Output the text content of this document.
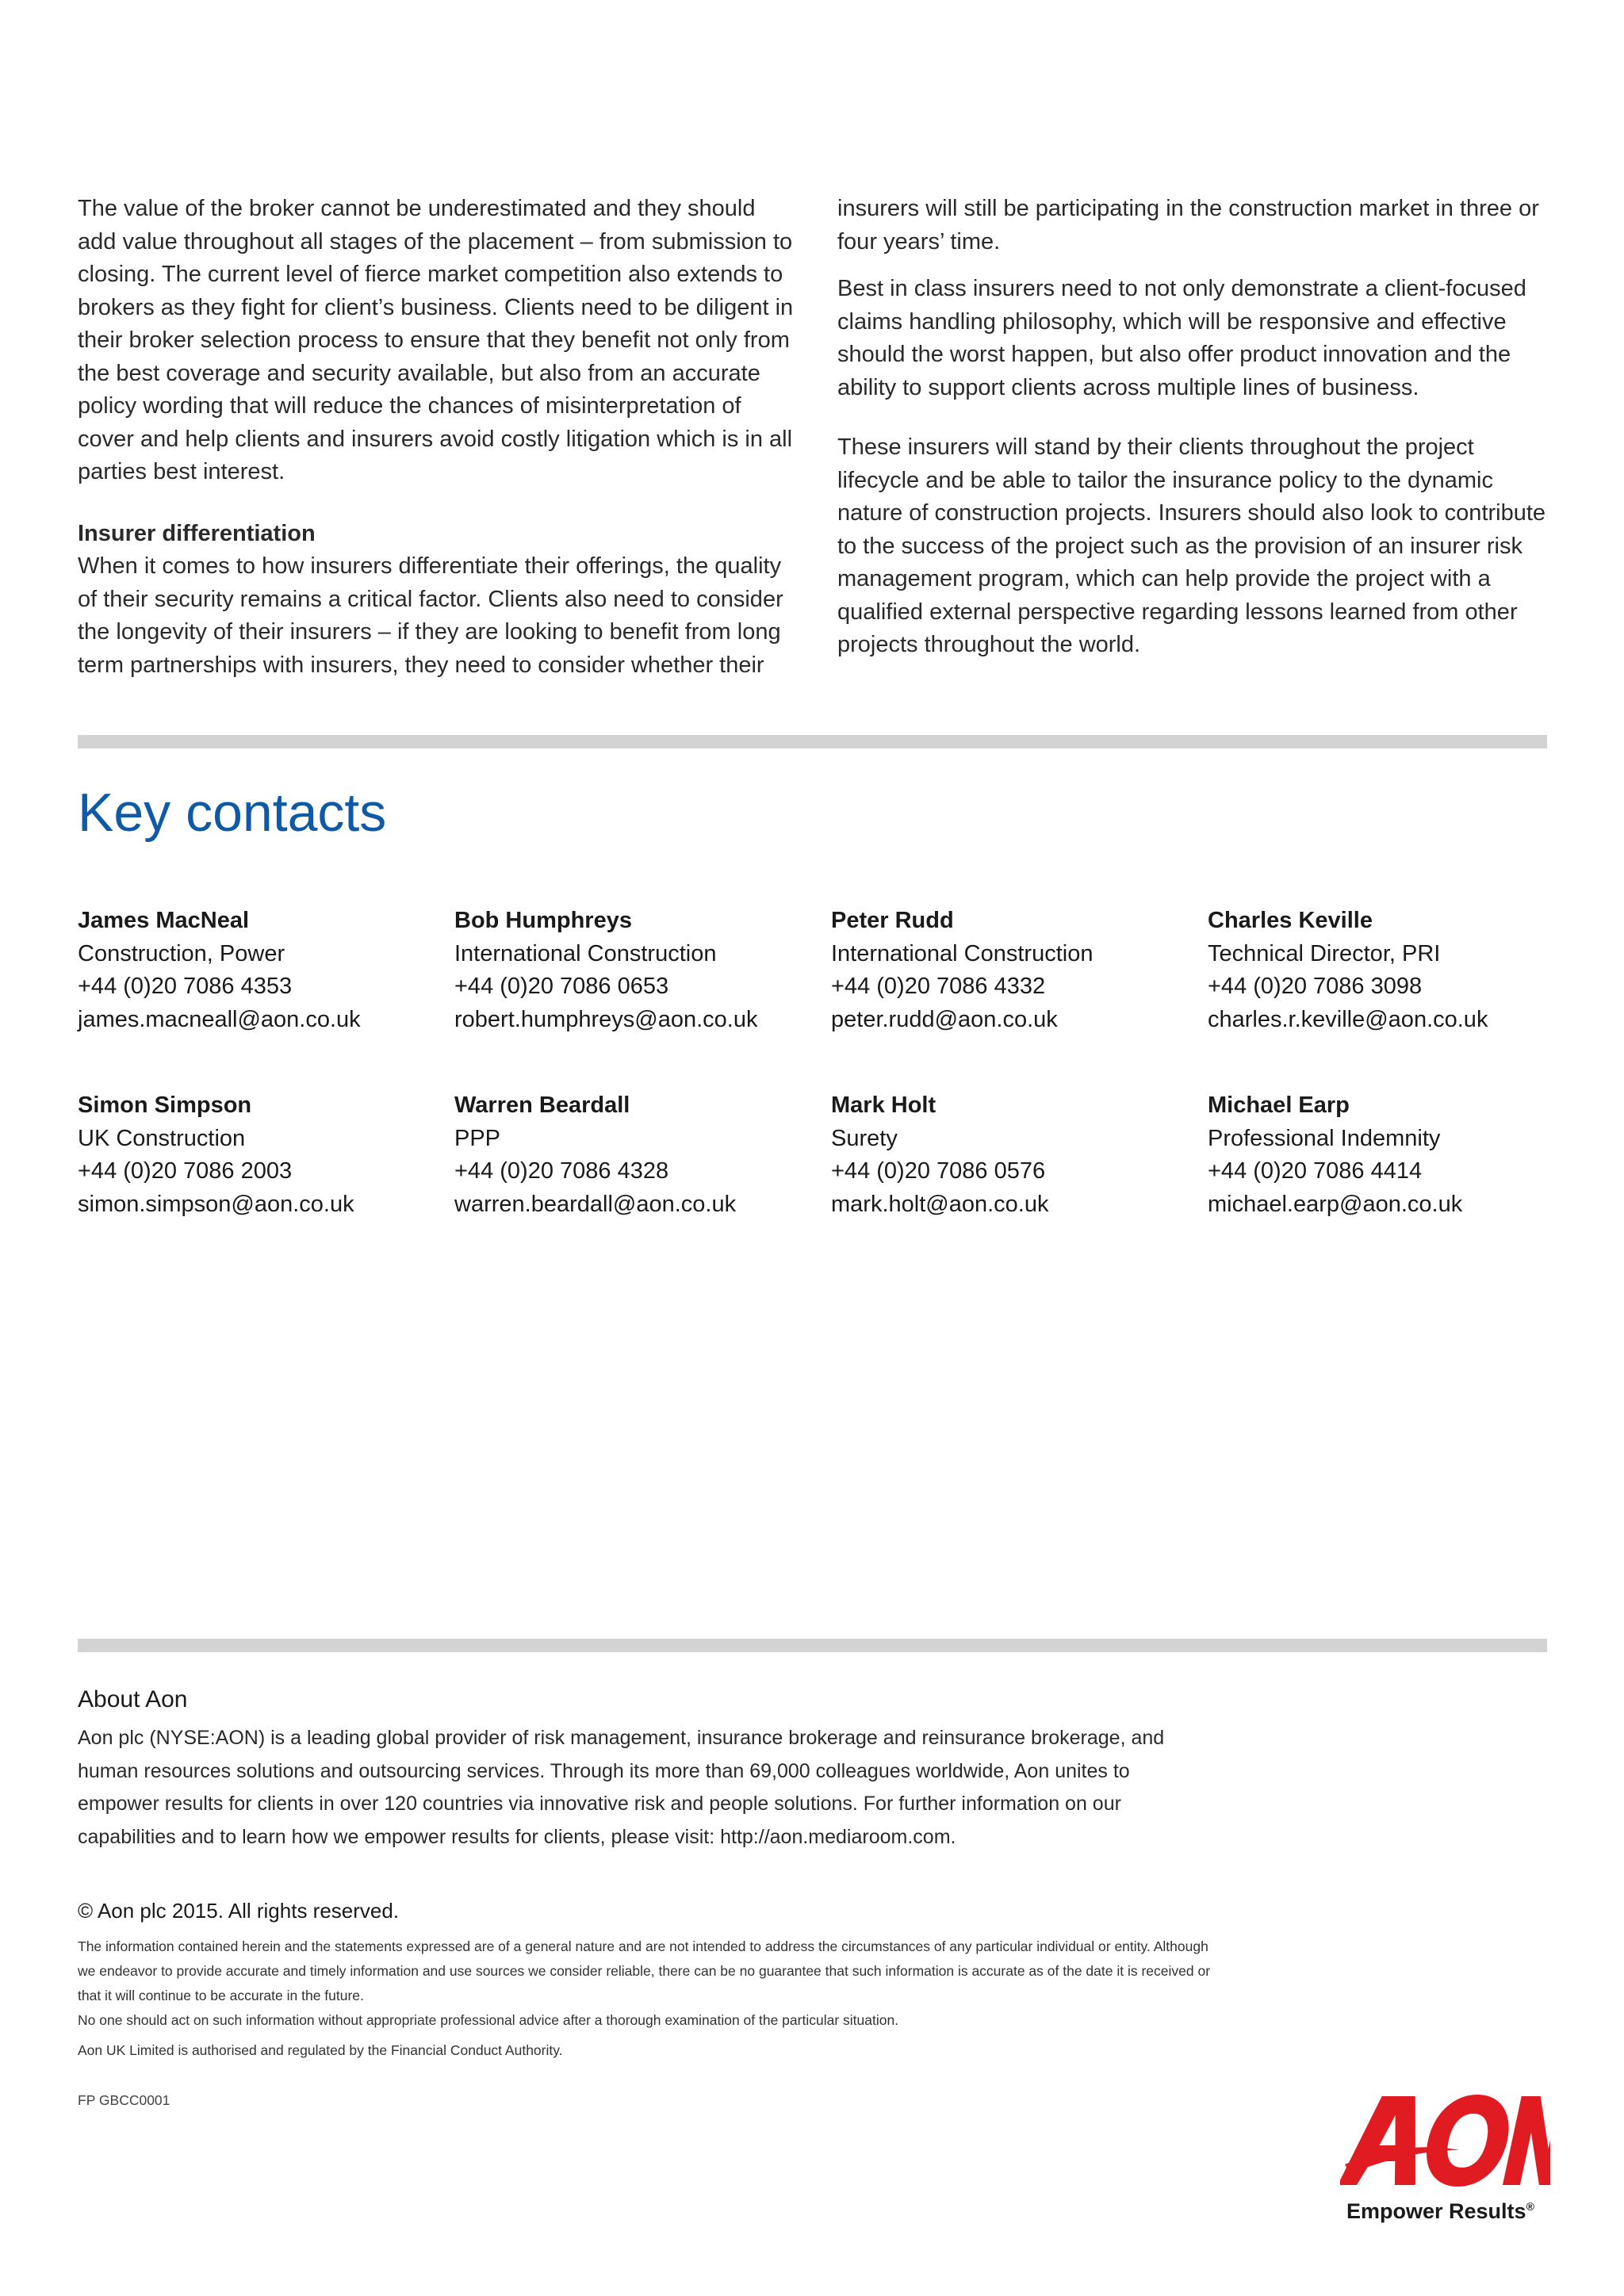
The value of the broker cannot be underestimated and they should add value throughout all stages of the placement – from submission to closing. The current level of fierce market competition also extends to brokers as they fight for client’s business. Clients need to be diligent in their broker selection process to ensure that they benefit not only from the best coverage and security available, but also from an accurate policy wording that will reduce the chances of misinterpretation of cover and help clients and insurers avoid costly litigation which is in all parties best interest.

Insurer differentiation

When it comes to how insurers differentiate their offerings, the quality of their security remains a critical factor. Clients also need to consider the longevity of their insurers – if they are looking to benefit from long term partnerships with insurers, they need to consider whether their

insurers will still be participating in the construction market in three or four years’ time.

Best in class insurers need to not only demonstrate a client-focused claims handling philosophy, which will be responsive and effective should the worst happen, but also offer product innovation and the ability to support clients across multiple lines of business.

These insurers will stand by their clients throughout the project lifecycle and be able to tailor the insurance policy to the dynamic nature of construction projects. Insurers should also look to contribute to the success of the project such as the provision of an insurer risk management program, which can help provide the project with a qualified external perspective regarding lessons learned from other projects throughout the world.

Key contacts
James MacNeal
Construction, Power
+44 (0)20 7086 4353
james.macneall@aon.co.uk
Bob Humphreys
International Construction
+44 (0)20 7086 0653
robert.humphreys@aon.co.uk
Peter Rudd
International Construction
+44 (0)20 7086 4332
peter.rudd@aon.co.uk
Charles Keville
Technical Director, PRI
+44 (0)20 7086 3098
charles.r.keville@aon.co.uk
Simon Simpson
UK Construction
+44 (0)20 7086 2003
simon.simpson@aon.co.uk
Warren Beardall
PPP
+44 (0)20 7086 4328
warren.beardall@aon.co.uk
Mark Holt
Surety
+44 (0)20 7086 0576
mark.holt@aon.co.uk
Michael Earp
Professional Indemnity
+44 (0)20 7086 4414
michael.earp@aon.co.uk
About Aon

Aon plc (NYSE:AON) is a leading global provider of risk management, insurance brokerage and reinsurance brokerage, and human resources solutions and outsourcing services. Through its more than 69,000 colleagues worldwide, Aon unites to empower results for clients in over 120 countries via innovative risk and people solutions. For further information on our capabilities and to learn how we empower results for clients, please visit: http://aon.mediaroom.com.

© Aon plc 2015. All rights reserved.

The information contained herein and the statements expressed are of a general nature and are not intended to address the circumstances of any particular individual or entity. Although we endeavor to provide accurate and timely information and use sources we consider reliable, there can be no guarantee that such information is accurate as of the date it is received or that it will continue to be accurate in the future.

No one should act on such information without appropriate professional advice after a thorough examination of the particular situation.

Aon UK Limited is authorised and regulated by the Financial Conduct Authority.

FP GBCC0001
Empower Results®
